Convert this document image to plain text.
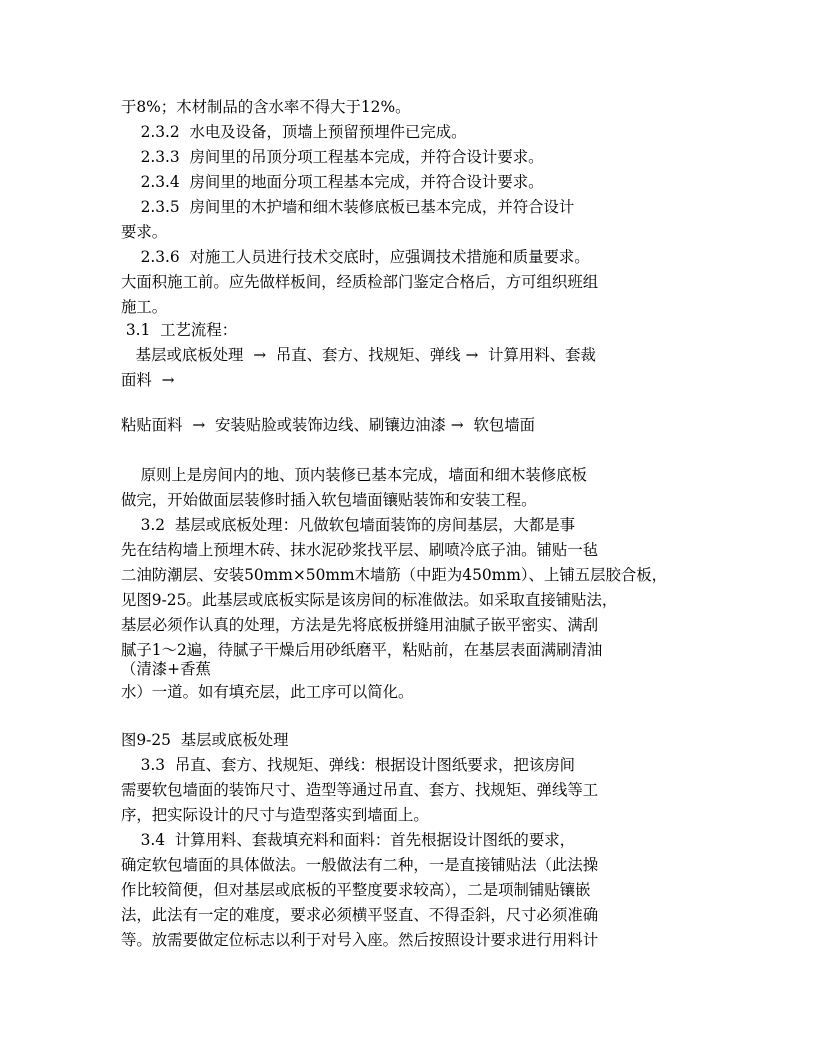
于8%；木材制品的含水率不得大于12%。
2.3.2  水电及设备，顶墙上预留预埋件已完成。
2.3.3  房间里的吊顶分项工程基本完成，并符合设计要求。
2.3.4  房间里的地面分项工程基本完成，并符合设计要求。
2.3.5  房间里的木护墙和细木装修底板已基本完成，并符合设计
要求。
2.3.6  对施工人员进行技术交底时，应强调技术措施和质量要求。
大面积施工前。应先做样板间，经质检部门鉴定合格后，方可组织班组
施工。
3.1  工艺流程：
基层或底板处理  →  吊直、套方、找规矩、弹线 →  计算用料、套裁
面料  →
粘贴面料  →  安装贴脸或装饰边线、刷镶边油漆 →  软包墙面
原则上是房间内的地、顶内装修已基本完成，墙面和细木装修底板
做完，开始做面层装修时插入软包墙面镶贴装饰和安装工程。
3.2  基层或底板处理：凡做软包墙面装饰的房间基层，大都是事
先在结构墙上预埋木砖、抹水泥砂浆找平层、刷喷冷底子油。铺贴一毡
二油防潮层、安装50mm×50mm木墙筋（中距为450mm）、上铺五层胶合板，
见图9-25。此基层或底板实际是该房间的标准做法。如采取直接铺贴法，
基层必须作认真的处理，方法是先将底板拼缝用油腻子嵌平密实、满刮
腻子1～2遍，待腻子干燥后用砂纸磨平，粘贴前，在基层表面满刷清油
（清漆+香蕉
水）一道。如有填充层，此工序可以简化。
图9-25  基层或底板处理
3.3  吊直、套方、找规矩、弹线：根据设计图纸要求，把该房间
需要软包墙面的装饰尺寸、造型等通过吊直、套方、找规矩、弹线等工
序，把实际设计的尺寸与造型落实到墙面上。
3.4  计算用料、套裁填充料和面料：首先根据设计图纸的要求，
确定软包墙面的具体做法。一般做法有二种，一是直接铺贴法（此法操
作比较简便，但对基层或底板的平整度要求较高），二是项制铺贴镶嵌
法，此法有一定的难度，要求必须横平竖直、不得歪斜，尺寸必须准确
等。放需要做定位标志以利于对号入座。然后按照设计要求进行用料计
